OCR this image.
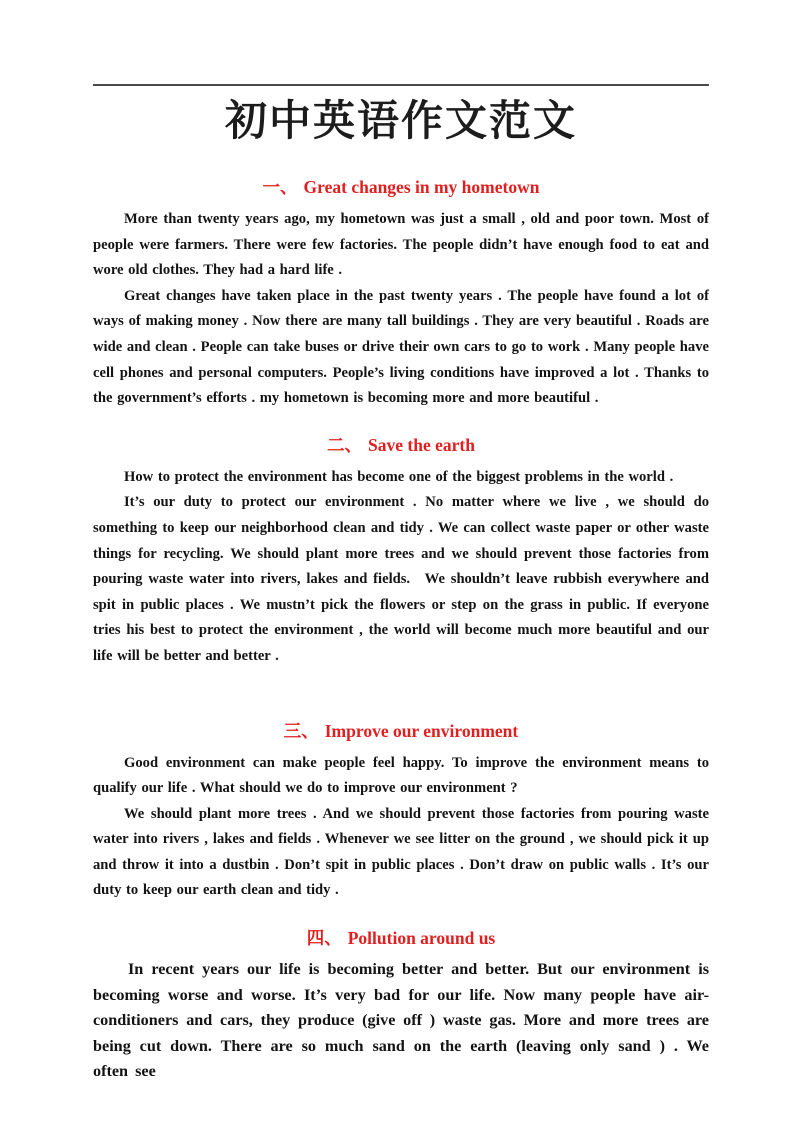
初中英语作文范文
一、 Great changes in my hometown

More than twenty years ago, my hometown was just a small , old and poor town. Most of people were farmers. There were few factories. The people didn’t have enough food to eat and wore old clothes. They had a hard life .

Great changes have taken place in the past twenty years . The people have found a lot of ways of making money . Now there are many tall buildings . They are very beautiful . Roads are wide and clean . People can take buses or drive their own cars to go to work . Many people have cell phones and personal computers. People’s living conditions have improved a lot . Thanks to the government’s efforts . my hometown is becoming more and more beautiful .

二、 Save the earth

How to protect the environment has become one of the biggest problems in the world .

It’s our duty to protect our environment . No matter where we live , we should do something to keep our neighborhood clean and tidy . We can collect waste paper or other waste things for recycling. We should plant more trees and we should prevent those factories from pouring waste water into rivers, lakes and fields. We shouldn’t leave rubbish everywhere and spit in public places . We mustn’t pick the flowers or step on the grass in public. If everyone tries his best to protect the environment , the world will become much more beautiful and our life will be better and better .

三、 Improve our environment

Good environment can make people feel happy. To improve the environment means to qualify our life . What should we do to improve our environment ?

We should plant more trees . And we should prevent those factories from pouring waste water into rivers , lakes and fields . Whenever we see litter on the ground , we should pick it up and throw it into a dustbin . Don’t spit in public places . Don’t draw on public walls . It’s our duty to keep our earth clean and tidy .

四、 Pollution around us

In recent years our life is becoming better and better. But our environment is becoming worse and worse. It’s very bad for our life. Now many people have air-conditioners and cars, they produce (give off ) waste gas. More and more trees are being cut down. There are so much sand on the earth (leaving only sand ) . We often see
